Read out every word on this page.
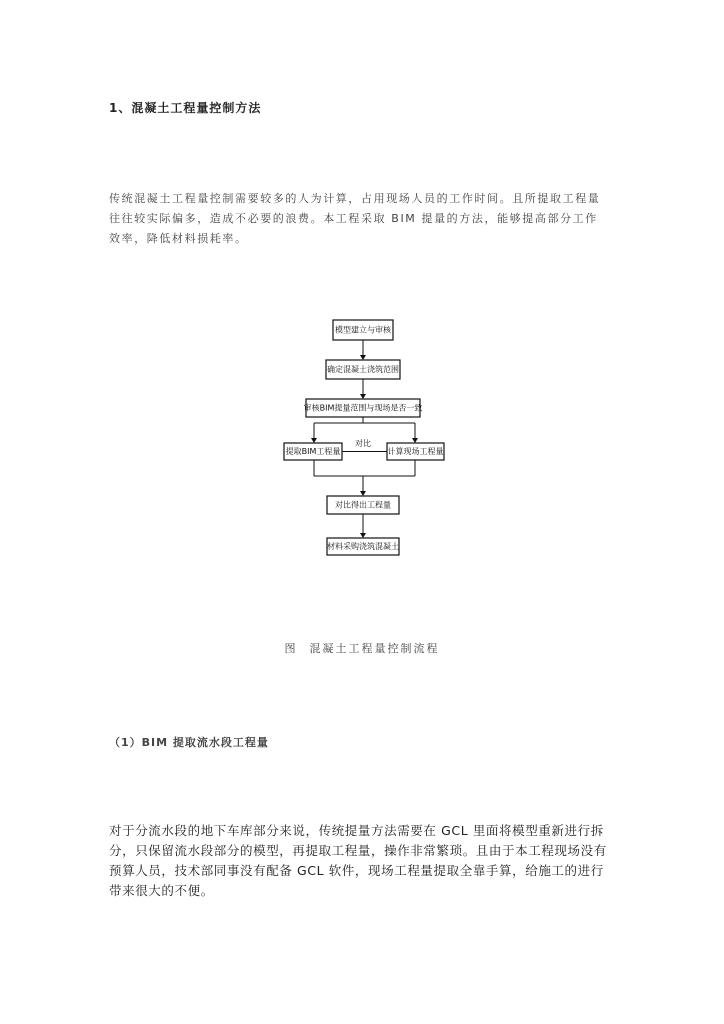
1、混凝土工程量控制方法

传统混凝土工程量控制需要较多的人为计算，占用现场人员的工作时间。且所提取工程量往往较实际偏多，造成不必要的浪费。本工程采取 BIM 提量的方法，能够提高部分工作效率，降低材料损耗率。

模型建立与审核
确定混凝土浇筑范围
审核BIM提量范围与现场是否一致
提取BIM工程量	计算现场工程量
对比
对比得出工程量
材料采购浇筑混凝土
图 混凝土工程量控制流程
（1）BIM 提取流水段工程量

对于分流水段的地下车库部分来说，传统提量方法需要在 GCL 里面将模型重新进行拆分，只保留流水段部分的模型，再提取工程量，操作非常繁琐。且由于本工程现场没有预算人员，技术部同事没有配备 GCL 软件，现场工程量提取全靠手算，给施工的进行带来很大的不便。
